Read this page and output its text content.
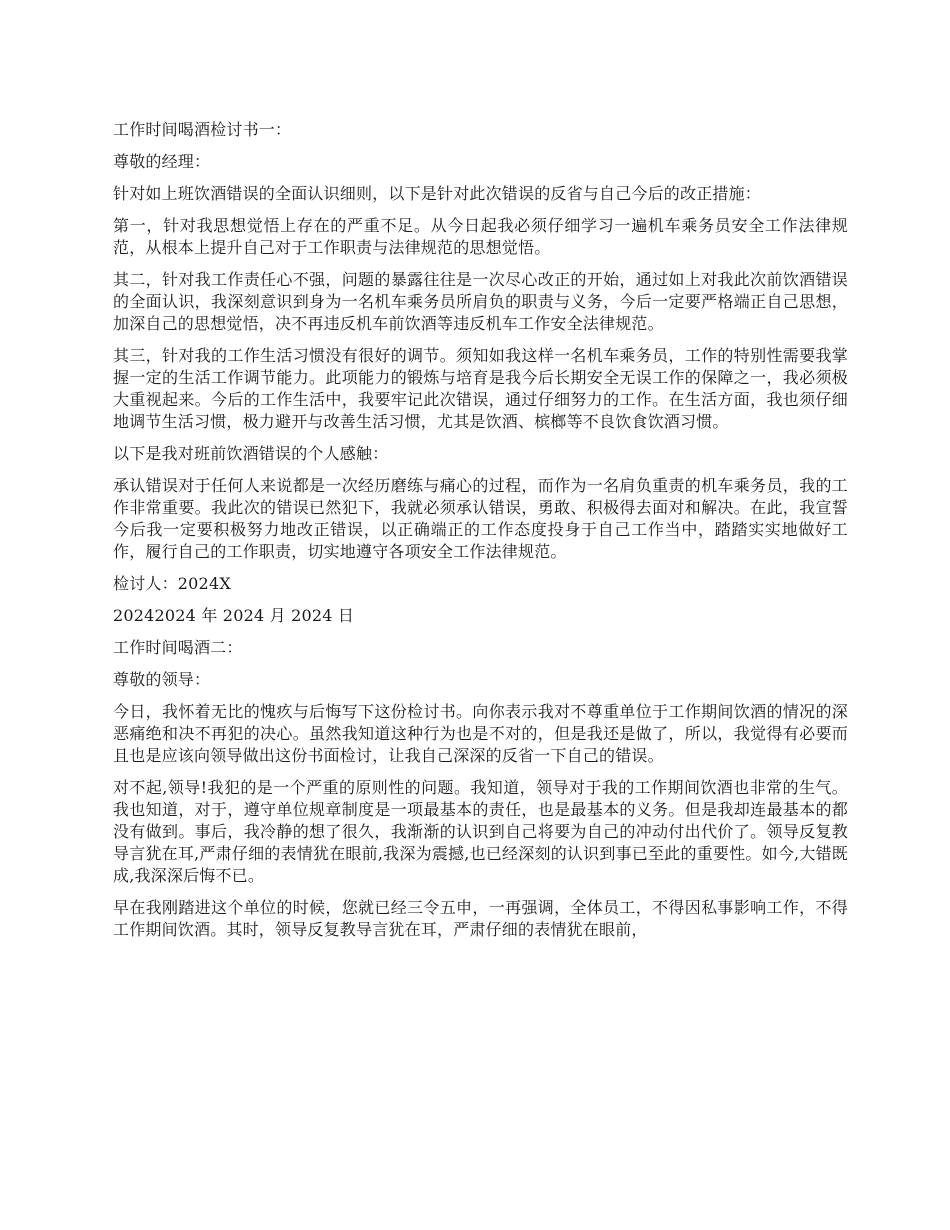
工作时间喝酒检讨书一：

尊敬的经理：

针对如上班饮酒错误的全面认识细则，以下是针对此次错误的反省与自己今后的改正措施：

第一，针对我思想觉悟上存在的严重不足。从今日起我必须仔细学习一遍机车乘务员安全工作法律规范，从根本上提升自己对于工作职责与法律规范的思想觉悟。

其二，针对我工作责任心不强，问题的暴露往往是一次尽心改正的开始，通过如上对我此次前饮酒错误的全面认识，我深刻意识到身为一名机车乘务员所肩负的职责与义务，今后一定要严格端正自己思想，加深自己的思想觉悟，决不再违反机车前饮酒等违反机车工作安全法律规范。

其三，针对我的工作生活习惯没有很好的调节。须知如我这样一名机车乘务员，工作的特别性需要我掌握一定的生活工作调节能力。此项能力的锻炼与培育是我今后长期安全无误工作的保障之一，我必须极大重视起来。今后的工作生活中，我要牢记此次错误，通过仔细努力的工作。在生活方面，我也须仔细地调节生活习惯，极力避开与改善生活习惯，尤其是饮酒、槟榔等不良饮食饮酒习惯。

以下是我对班前饮酒错误的个人感触：

承认错误对于任何人来说都是一次经历磨练与痛心的过程，而作为一名肩负重责的机车乘务员，我的工作非常重要。我此次的错误已然犯下，我就必须承认错误，勇敢、积极得去面对和解决。在此，我宣誓今后我一定要积极努力地改正错误，以正确端正的工作态度投身于自己工作当中，踏踏实实地做好工作，履行自己的工作职责，切实地遵守各项安全工作法律规范。

检讨人：2024X

20242024 年 2024 月 2024 日

工作时间喝酒二：

尊敬的领导：

今日，我怀着无比的愧疚与后悔写下这份检讨书。向你表示我对不尊重单位于工作期间饮酒的情况的深恶痛绝和决不再犯的决心。虽然我知道这种行为也是不对的，但是我还是做了，所以，我觉得有必要而且也是应该向领导做出这份书面检讨，让我自己深深的反省一下自己的错误。

对不起,领导!我犯的是一个严重的原则性的问题。我知道，领导对于我的工作期间饮酒也非常的生气。我也知道，对于，遵守单位规章制度是一项最基本的责任，也是最基本的义务。但是我却连最基本的都没有做到。事后，我冷静的想了很久，我渐渐的认识到自己将要为自己的冲动付出代价了。领导反复教导言犹在耳,严肃仔细的表情犹在眼前,我深为震撼,也已经深刻的认识到事已至此的重要性。如今,大错既成,我深深后悔不已。

早在我刚踏进这个单位的时候，您就已经三令五申，一再强调，全体员工，不得因私事影响工作，不得工作期间饮酒。其时，领导反复教导言犹在耳，严肃仔细的表情犹在眼前，
